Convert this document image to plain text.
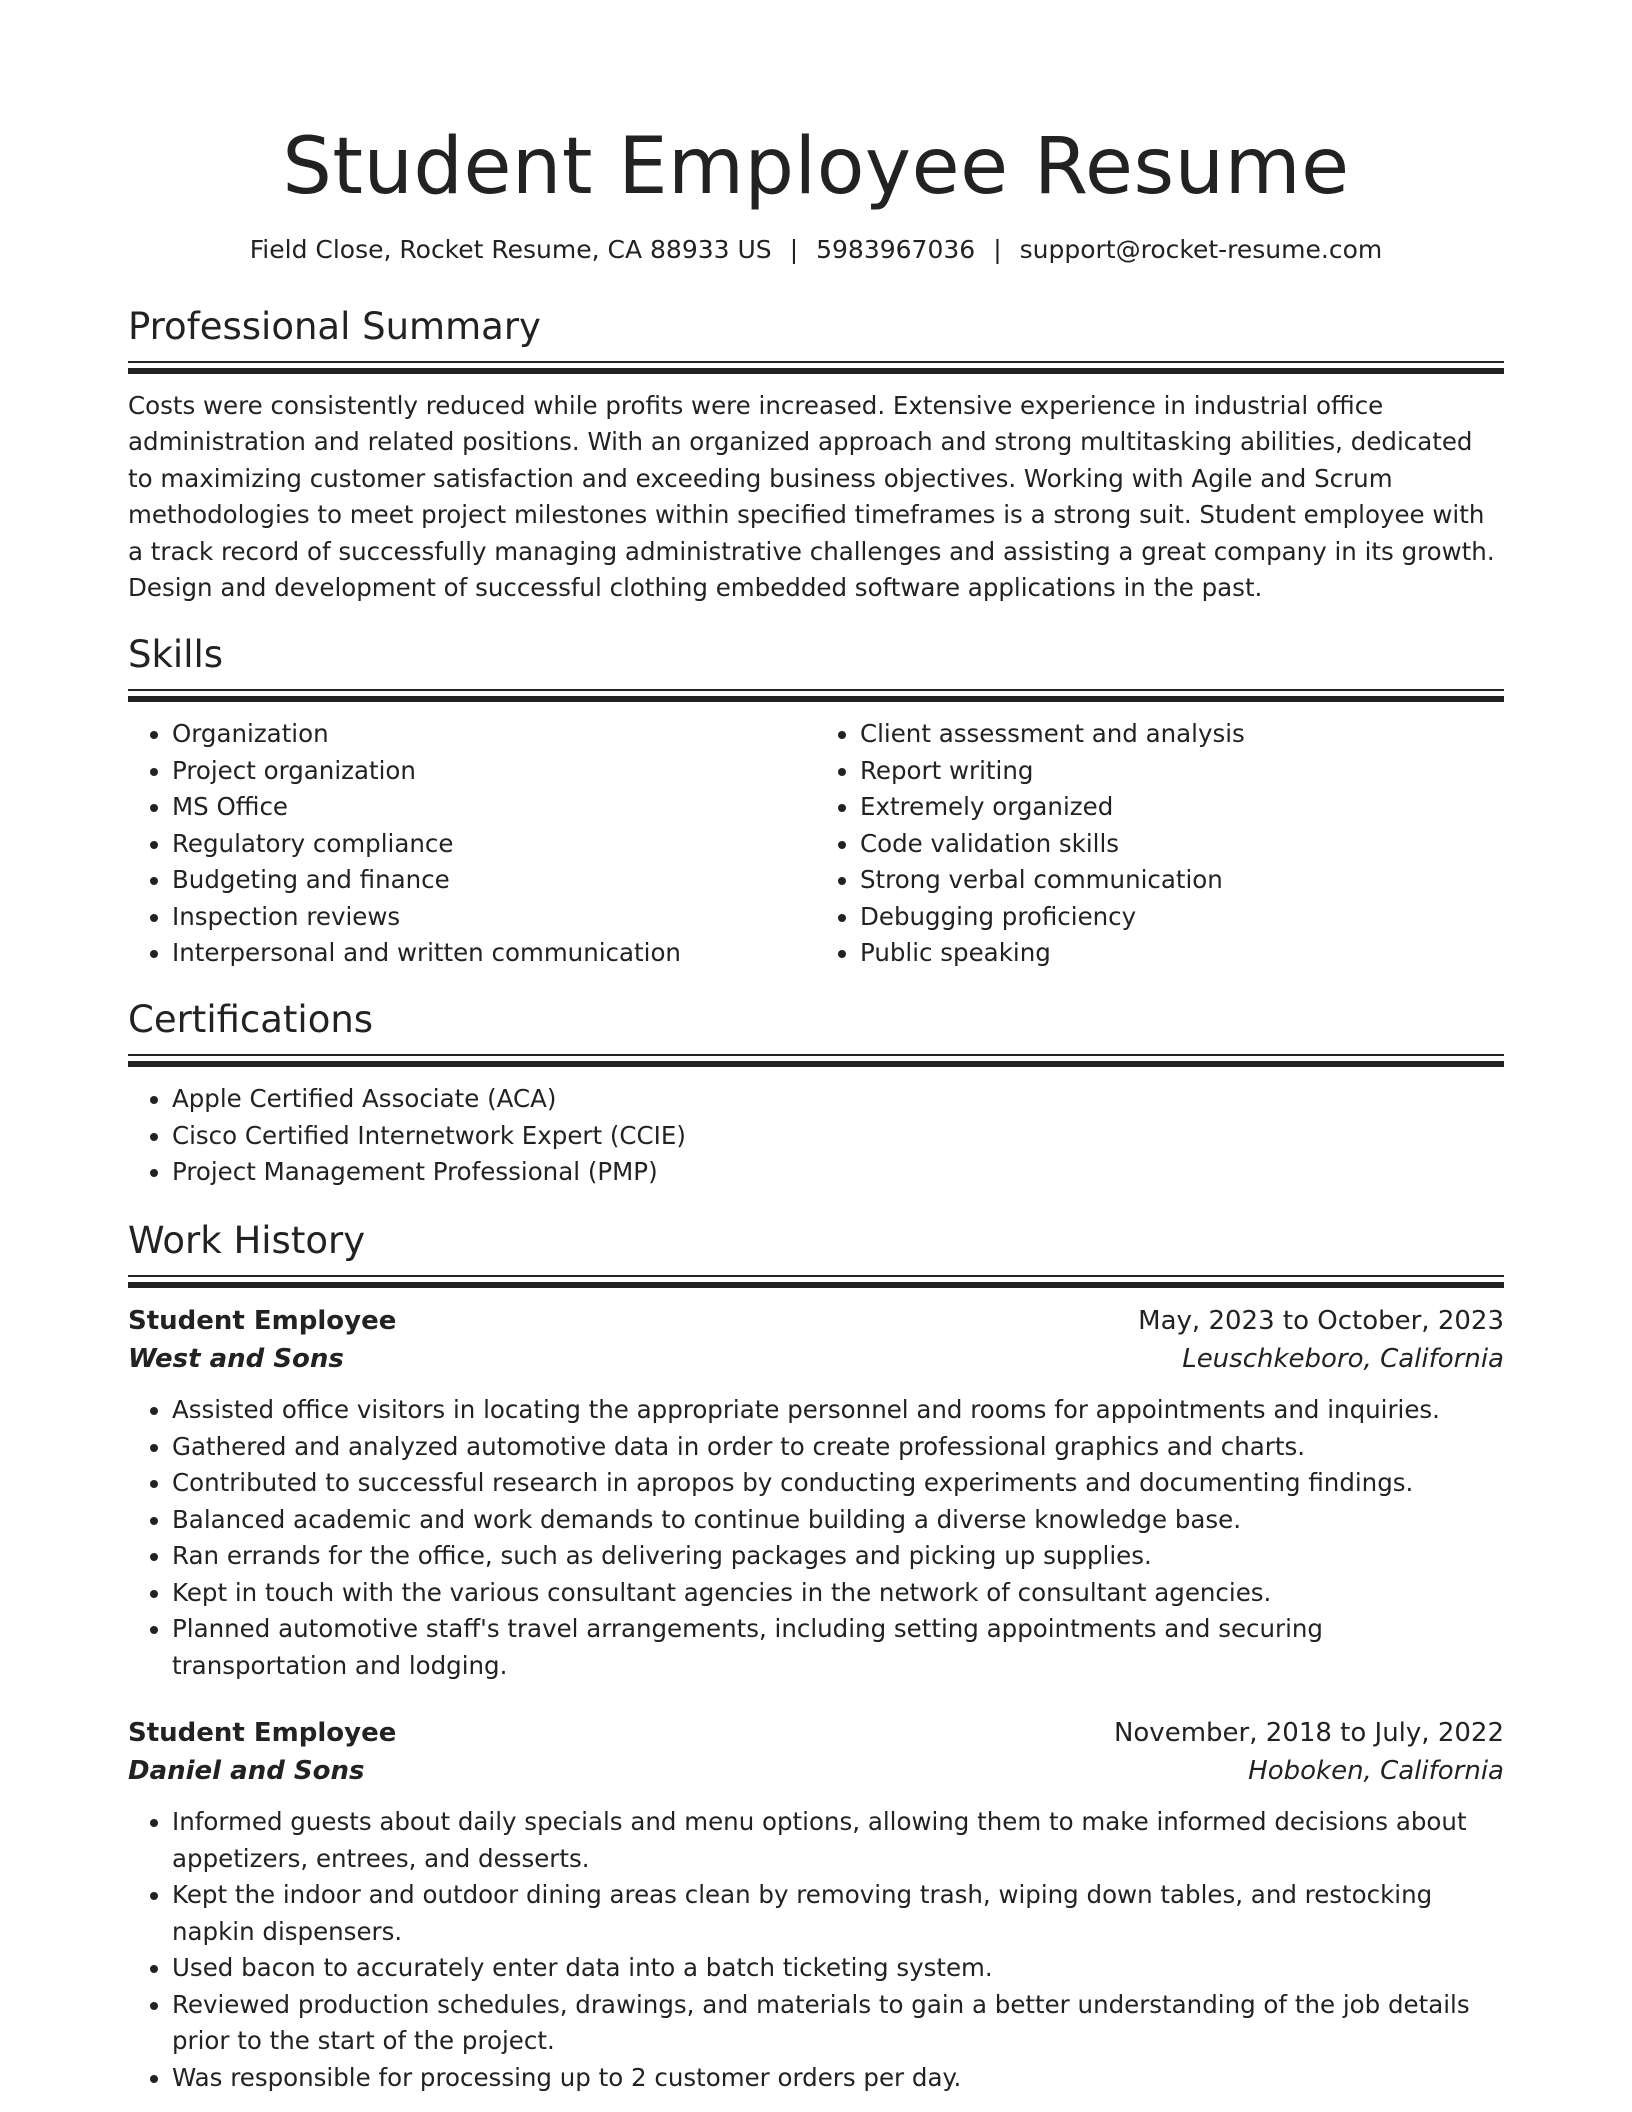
Student Employee Resume
Field Close, Rocket Resume, CA 88933 US | 5983967036 | support@rocket-resume.com
Professional Summary

Costs were consistently reduced while profits were increased. Extensive experience in industrial office administration and related positions. With an organized approach and strong multitasking abilities, dedicated to maximizing customer satisfaction and exceeding business objectives. Working with Agile and Scrum methodologies to meet project milestones within specified timeframes is a strong suit. Student employee with a track record of successfully managing administrative challenges and assisting a great company in its growth. Design and development of successful clothing embedded software applications in the past.

Skills
• Organization
• Project organization
• MS Office
• Regulatory compliance
• Budgeting and finance
• Inspection reviews
• Interpersonal and written communication
• Client assessment and analysis
• Report writing
• Extremely organized
• Code validation skills
• Strong verbal communication
• Debugging proficiency
• Public speaking
Certifications
• Apple Certified Associate (ACA)
• Cisco Certified Internetwork Expert (CCIE)
• Project Management Professional (PMP)
Work History
Student Employee	May, 2023 to October, 2023
West and Sons	Leuschkeboro, California
• Assisted office visitors in locating the appropriate personnel and rooms for appointments and inquiries.
• Gathered and analyzed automotive data in order to create professional graphics and charts.
• Contributed to successful research in apropos by conducting experiments and documenting findings.
• Balanced academic and work demands to continue building a diverse knowledge base.
• Ran errands for the office, such as delivering packages and picking up supplies.
• Kept in touch with the various consultant agencies in the network of consultant agencies.
• Planned automotive staff's travel arrangements, including setting appointments and securing transportation and lodging.
Student Employee	November, 2018 to July, 2022
Daniel and Sons	Hoboken, California
• Informed guests about daily specials and menu options, allowing them to make informed decisions about appetizers, entrees, and desserts.
• Kept the indoor and outdoor dining areas clean by removing trash, wiping down tables, and restocking napkin dispensers.
• Used bacon to accurately enter data into a batch ticketing system.
• Reviewed production schedules, drawings, and materials to gain a better understanding of the job details prior to the start of the project.
• Was responsible for processing up to 2 customer orders per day.
